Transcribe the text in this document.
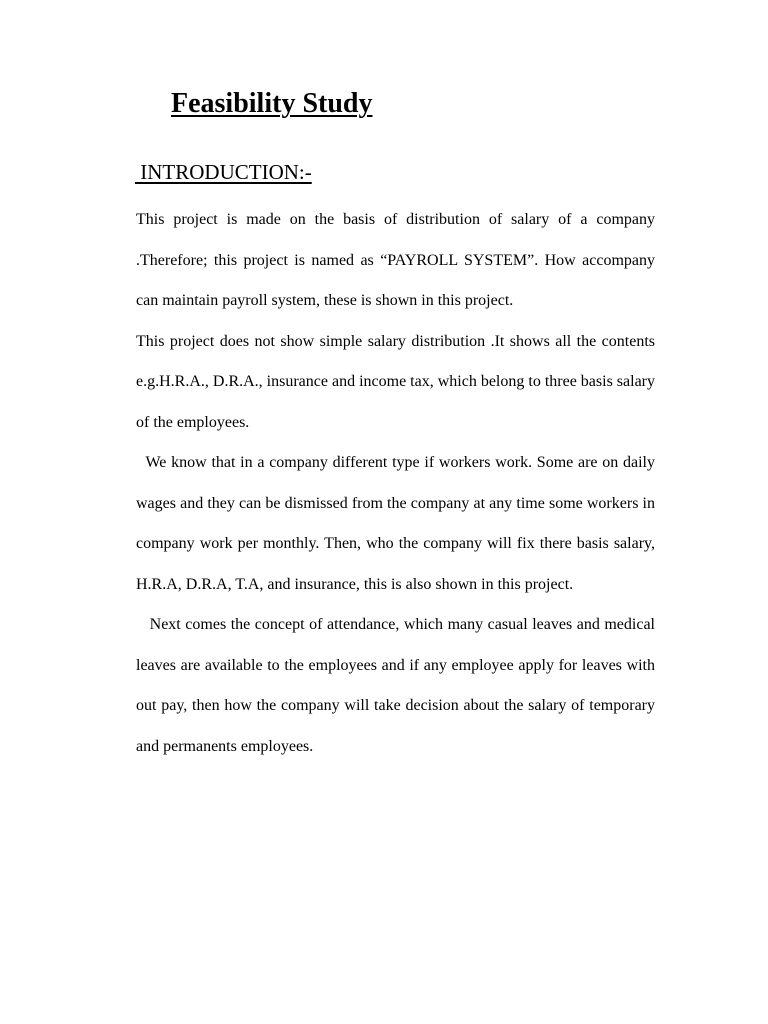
Feasibility Study
INTRODUCTION:-

This project is made on the basis of distribution of salary of a company .Therefore; this project is named as “PAYROLL SYSTEM”. How accompany can maintain payroll system, these is shown in this project.

This project does not show simple salary distribution .It shows all the contents e.g.H.R.A., D.R.A., insurance and income tax, which belong to three basis salary of the employees.

We know that in a company different type if workers work. Some are on daily wages and they can be dismissed from the company at any time some workers in company work per monthly. Then, who the company will fix there basis salary, H.R.A, D.R.A, T.A, and insurance, this is also shown in this project.

Next comes the concept of attendance, which many casual leaves and medical leaves are available to the employees and if any employee apply for leaves with out pay, then how the company will take decision about the salary of temporary and permanents employees.
